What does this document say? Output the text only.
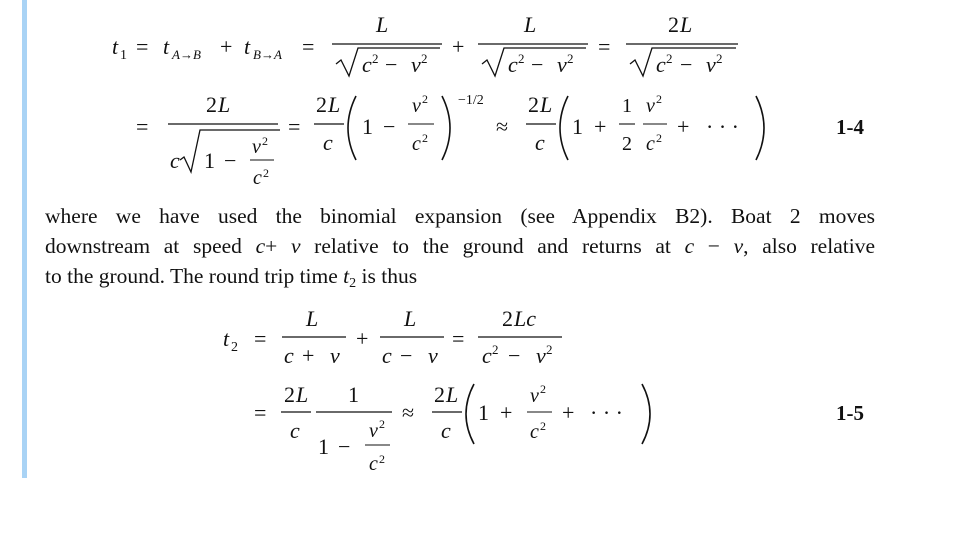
t 1 = t A→B + t B→A =
L
c 2 − v 2 +
L
c 2 − v 2 =
2 L
c 2 − v 2
=
2 L
c 1 −
v 2
c 2
=
2 L
c
1 −
v 2
c 2
−1/2
≈
2 L
c
1 +
1
2
v 2
c 2 + · · ·	1-4
t 2 =
L
c + v
+
L
c − v
=
2 Lc
c 2 − v 2
=
2 L
c
1
1 −
v 2
c 2
≈
2 L
c
1 +
v 2
c 2
+ · · ·	1-5

where we have used the binomial expansion (see Appendix B2). Boat 2 moves
downstream at speed c+ v relative to the ground and returns at c − v, also relative
to the ground. The round trip time $t_2$ is thus
